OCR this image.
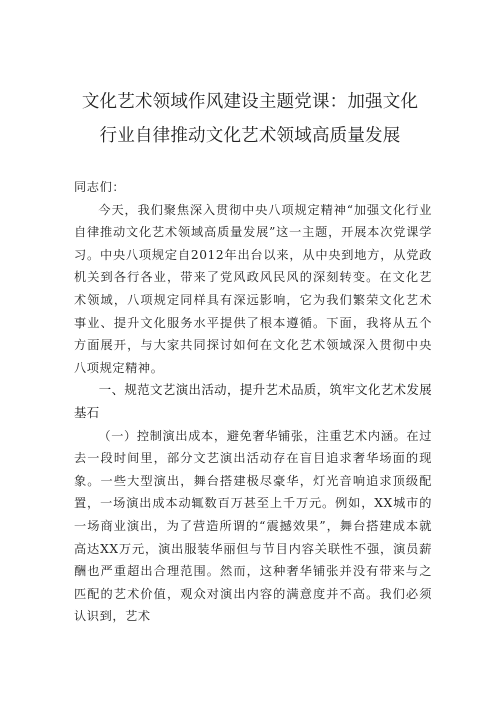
文化艺术领域作风建设主题党课：加强文化
行业自律推动文化艺术领域高质量发展

同志们：

今天，我们聚焦深入贯彻中央八项规定精神“加强文化行业自律推动文化艺术领域高质量发展”这一主题，开展本次党课学习。中央八项规定自2012年出台以来，从中央到地方，从党政机关到各行各业，带来了党风政风民风的深刻转变。在文化艺术领域，八项规定同样具有深远影响，它为我们繁荣文化艺术事业、提升文化服务水平提供了根本遵循。下面，我将从五个方面展开，与大家共同探讨如何在文化艺术领域深入贯彻中央八项规定精神。

一、规范文艺演出活动，提升艺术品质，筑牢文化艺术发展基石

（一）控制演出成本，避免奢华铺张，注重艺术内涵。在过去一段时间里，部分文艺演出活动存在盲目追求奢华场面的现象。一些大型演出，舞台搭建极尽豪华，灯光音响追求顶级配置，一场演出成本动辄数百万甚至上千万元。例如，XX城市的一场商业演出，为了营造所谓的“震撼效果”，舞台搭建成本就高达XX万元，演出服装华丽但与节目内容关联性不强，演员薪酬也严重超出合理范围。然而，这种奢华铺张并没有带来与之匹配的艺术价值，观众对演出内容的满意度并不高。我们必须认识到，艺术
